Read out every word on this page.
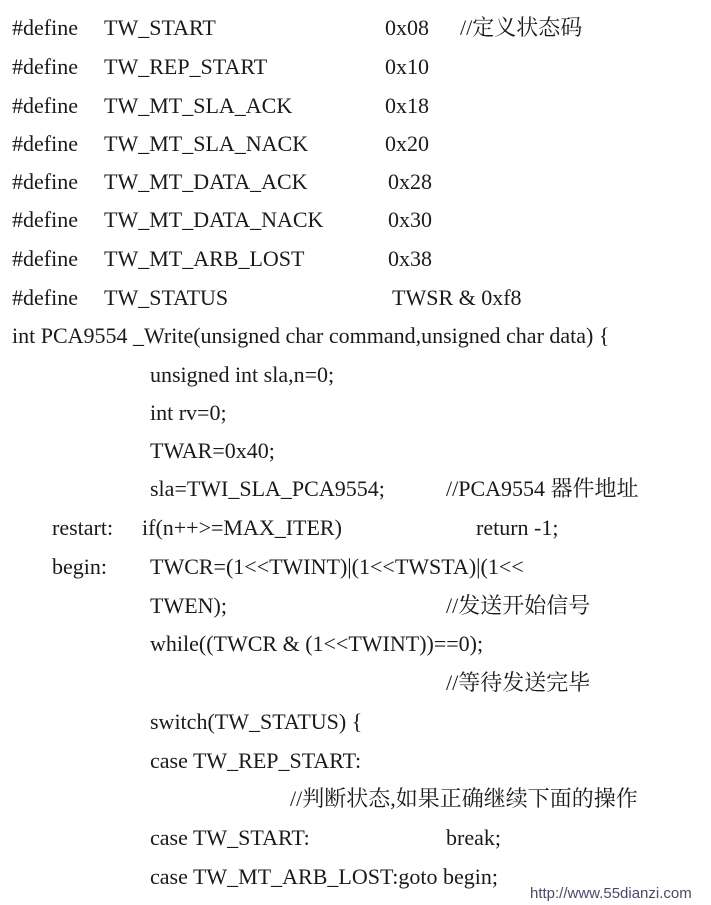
#define TW_START	0x08 //定义状态码
#define TW_REP_START	0x10
#define TW_MT_SLA_ACK	0x18
#define TW_MT_SLA_NACK	0x20
#define TW_MT_DATA_ACK	0x28
#define TW_MT_DATA_NACK	0x30
#define TW_MT_ARB_LOST	0x38
#define TW_STATUS	TWSR & 0xf8
int PCA9554 _Write(unsigned char command,unsigned char data) {
unsigned int sla,n=0;
int rv=0;
TWAR=0x40;
sla=TWI_SLA_PCA9554;	//PCA9554 器件地址
restart: if(n++>=MAX_ITER)	return -1;
begin: TWCR=(1<<TWINT)|(1<<TWSTA)|(1<<
TWEN);	//发送开始信号
while((TWCR & (1<<TWINT))==0);
//等待发送完毕
switch(TW_STATUS) {
case TW_REP_START:
//判断状态,如果正确继续下面的操作
case TW_START:	break;
case TW_MT_ARB_LOST:goto begin;
http://www.55dianzi.com
